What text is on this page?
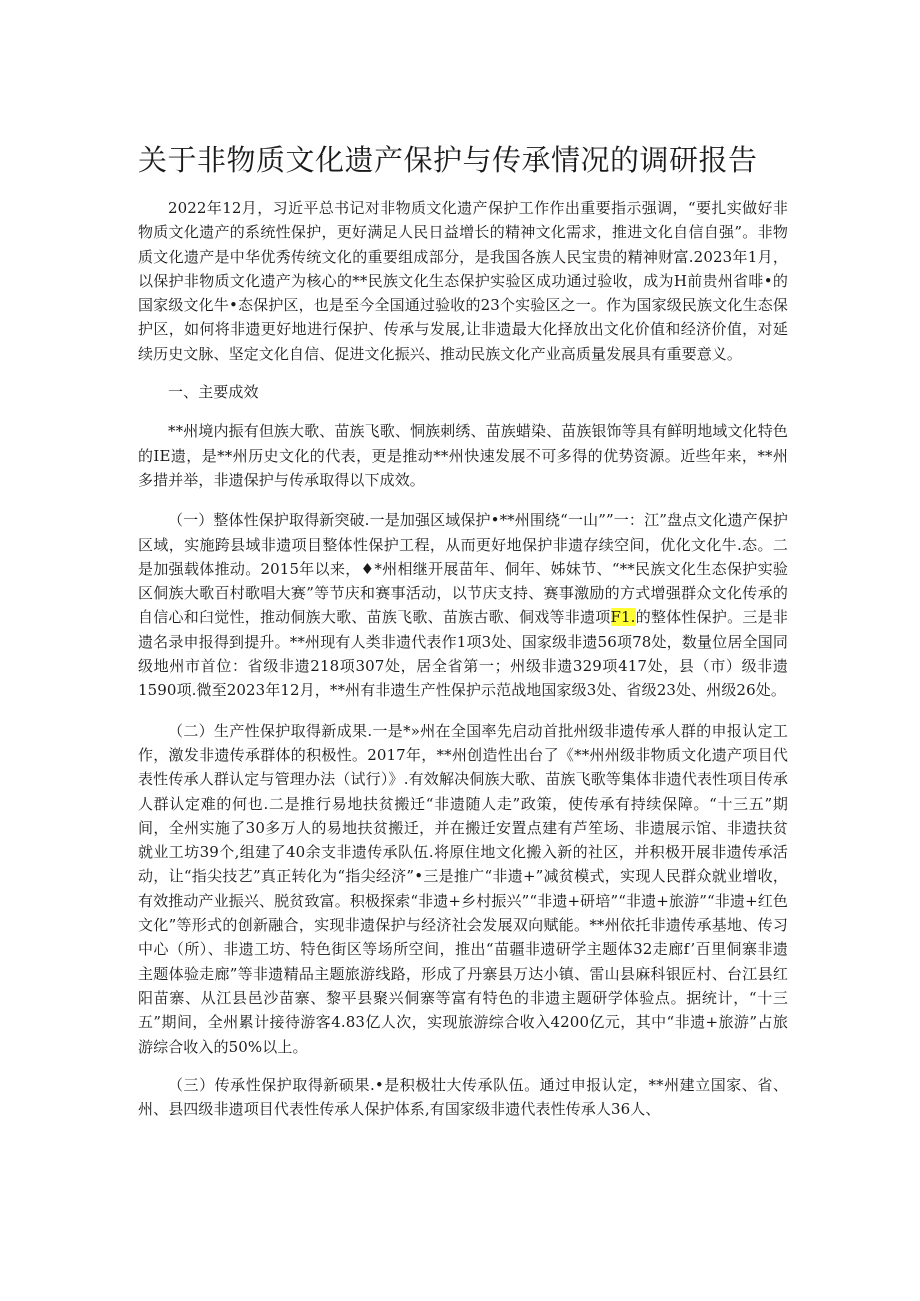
关于非物质文化遗产保护与传承情况的调研报告

2022年12月，习近平总书记对非物质文化遗产保护工作作出重要指示强调，“要扎实做好非物质文化遗产的系统性保护，更好满足人民日益增长的精神文化需求，推进文化自信自强”。非物质文化遗产是中华优秀传统文化的重要组成部分，是我国各族人民宝贵的精神财富.2023年1月，以保护非物质文化遗产为核心的**民族文化生态保护实验区成功通过验收，成为H前贵州省啡•的国家级文化牛•态保护区，也是至今全国通过验收的23个实验区之一。作为国家级民族文化生态保护区，如何将非遗更好地进行保护、传承与发展,让非遗最大化择放出文化价值和经济价值，对延续历史文脉、坚定文化自信、促进文化振兴、推动民族文化产业高质量发展具有重要意义。

一、主要成效

**州境内振有但族大歌、苗族飞歌、恫族刺绣、苗族蜡染、苗族银饰等具有鲜明地域文化特色的IE遗，是**州历史文化的代表，更是推动**州快速发展不可多得的优势资源。近些年来，**州多措并举，非遗保护与传承取得以下成效。

（一）整体性保护取得新突破.一是加强区域保护•**州围绕“一山””一：江”盘点文化遗产保护区域，实施跨县域非遗项目整体性保护工程，从而更好地保护非遗存续空间，优化文化牛.态。二是加强载体推动。2015年以来，♦*州相继开展苗年、侗年、姊妹节、“**民族文化生态保护实验区侗族大歌百村歌唱大赛”等节庆和赛事活动，以节庆支持、赛事激励的方式增强群众文化传承的自信心和臼觉性，推动侗族大歌、苗族飞歌、苗族古歌、侗戏等非遗项F1.的整体性保护。三是非遗名录申报得到提升。**州现有人类非遗代表作1项3处、国家级非遗56项78处，数量位居全国同级地州市首位：省级非遗218项307处，居全省第一；州级非遗329项417处，县（市）级非遗1590项.微至2023年12月，**州有非遗生产性保护示范战地国家级3处、省级23处、州级26处。

（二）生产性保护取得新成果.一是*»州在全国率先启动首批州级非遗传承人群的申报认定工作，激发非遗传承群体的积极性。2017年，**州创造性出台了《**州州级非物质文化遗产项目代表性传承人群认定与管理办法（试行）》.有效解决侗族大歌、苗族飞歌等集体非遗代表性项目传承人群认定难的何也.二是推行易地扶贫搬迁“非遗随人走”政策，使传承有持续保障。“十三五”期间，全州实施了30多万人的易地扶贫搬迁，并在搬迁安置点建有芦笙场、非遗展示馆、非遗扶贫就业工坊39个,组建了40余支非遗传承队伍.将原住地文化搬入新的社区，并积极开展非遗传承活动，让“指尖技艺”真正转化为“指尖经济”•三是推广“非遗+”减贫模式，实现人民群众就业增收，有效推动产业振兴、脱贫致富。积极探索“非遗+乡村振兴”“非遗+研培”“非遗+旅游”“非遗+红色文化”等形式的创新融合，实现非遗保护与经济社会发展双向赋能。**州依托非遗传承基地、传习中心（所）、非遗工坊、特色街区等场所空间，推出“苗疆非遗研学主题体32走廊f’百里侗寨非遗主题体验走廊”等非遗精品主题旅游线路，形成了丹寨县万达小镇、雷山县麻科银匠村、台江县红阳苗寨、从江县邑沙苗寨、黎平县聚兴侗寨等富有特色的非遗主题研学体验点。据统计，“十三五”期间，全州累计接待游客4.83亿人次，实现旅游综合收入4200亿元，其中“非遗+旅游”占旅游综合收入的50%以上。

（三）传承性保护取得新硕果.•是积极壮大传承队伍。通过申报认定，**州建立国家、省、州、县四级非遗项目代表性传承人保护体系,有国家级非遗代表性传承人36人、
